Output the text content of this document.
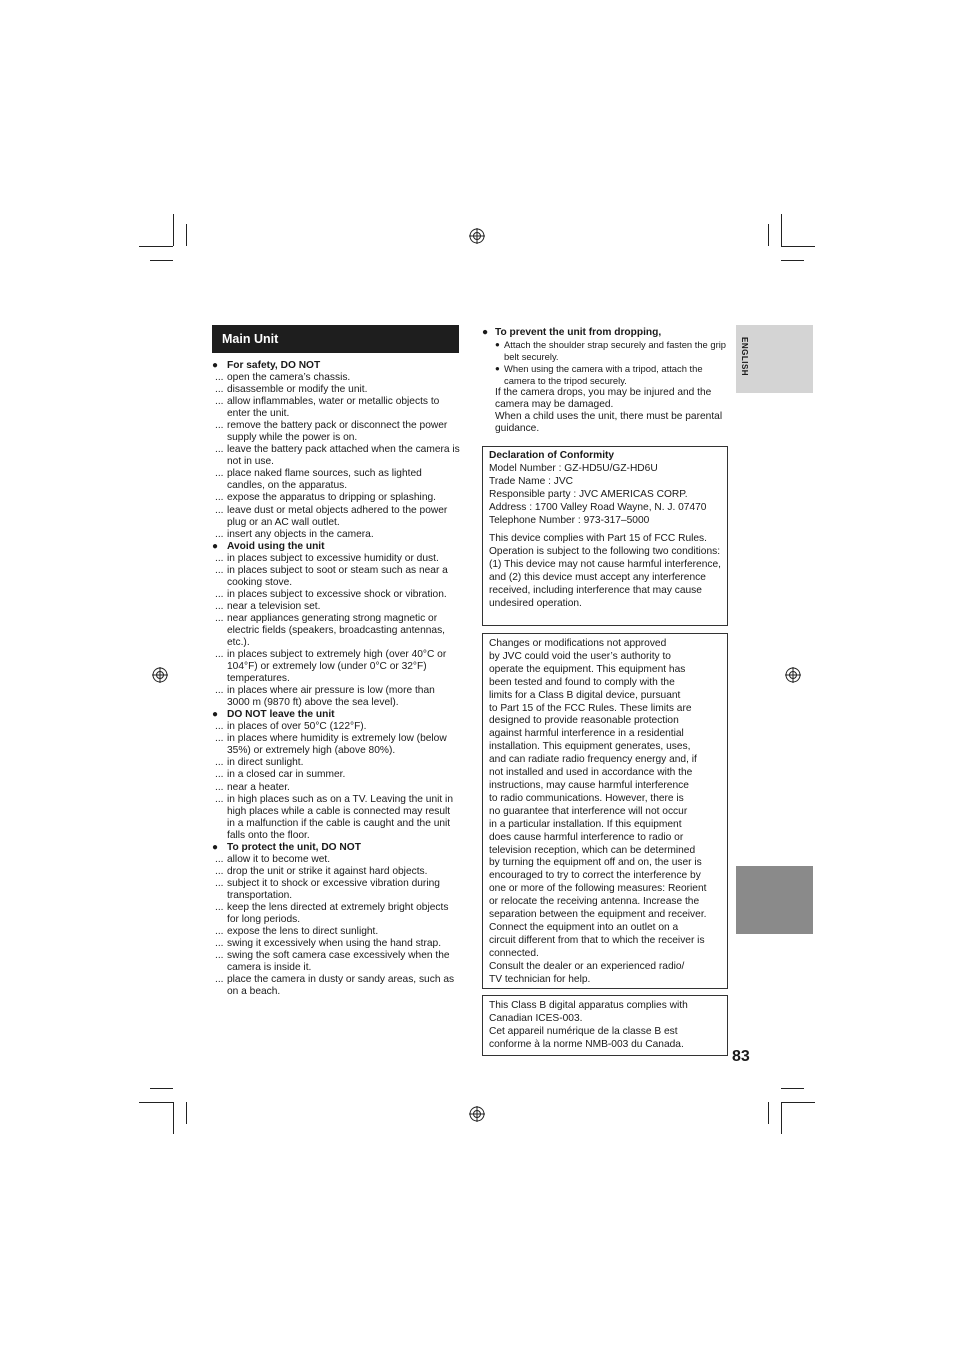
Main Unit
● For safety, DO NOT
... open the camera’s chassis.
... disassemble or modify the unit.
... allow inflammables, water or metallic objects to enter the unit.
... remove the battery pack or disconnect the power supply while the power is on.
... leave the battery pack attached when the camera is not in use.
... place naked flame sources, such as lighted candles, on the apparatus.
... expose the apparatus to dripping or splashing.
... leave dust or metal objects adhered to the power plug or an AC wall outlet.
... insert any objects in the camera.
● Avoid using the unit
... in places subject to excessive humidity or dust.
... in places subject to soot or steam such as near a cooking stove.
... in places subject to excessive shock or vibration.
... near a television set.
... near appliances generating strong magnetic or electric fields (speakers, broadcasting antennas, etc.).
... in places subject to extremely high (over 40°C or 104°F) or extremely low (under 0°C or 32°F) temperatures.
... in places where air pressure is low (more than 3000 m (9870 ft) above the sea level).
● DO NOT leave the unit
... in places of over 50°C (122°F).
... in places where humidity is extremely low (below 35%) or extremely high (above 80%).
... in direct sunlight.
... in a closed car in summer.
... near a heater.
... in high places such as on a TV. Leaving the unit in high places while a cable is connected may result in a malfunction if the cable is caught and the unit falls onto the floor.
● To protect the unit, DO NOT
... allow it to become wet.
... drop the unit or strike it against hard objects.
... subject it to shock or excessive vibration during transportation.
... keep the lens directed at extremely bright objects for long periods.
... expose the lens to direct sunlight.
... swing it excessively when using the hand strap.
... swing the soft camera case excessively when the camera is inside it.
... place the camera in dusty or sandy areas, such as on a beach.
● To prevent the unit from dropping,
● Attach the shoulder strap securely and fasten the grip belt securely.
● When using the camera with a tripod, attach the camera to the tripod securely.
If the camera drops, you may be injured and the camera may be damaged.
When a child uses the unit, there must be parental guidance.

Declaration of Conformity

Model Number : GZ-HD5U/GZ-HD6U

Trade Name : JVC

Responsible party : JVC AMERICAS CORP.

Address : 1700 Valley Road Wayne, N. J. 07470

Telephone Number : 973-317–5000

This device complies with Part 15 of FCC Rules. Operation is subject to the following two conditions: (1) This device may not cause harmful interference, and (2) this device must accept any interference received, including interference that may cause undesired operation.

Changes or modifications not approved

by JVC could void the user’s authority to

operate the equipment. This equipment has

been tested and found to comply with the

limits for a Class B digital device, pursuant

to Part 15 of the FCC Rules. These limits are

designed to provide reasonable protection

against harmful interference in a residential

installation. This equipment generates, uses,

and can radiate radio frequency energy and, if

not installed and used in accordance with the

instructions, may cause harmful interference

to radio communications. However, there is

no guarantee that interference will not occur

in a particular installation. If this equipment

does cause harmful interference to radio or

television reception, which can be determined

by turning the equipment off and on, the user is

encouraged to try to correct the interference by

one or more of the following measures: Reorient

or relocate the receiving antenna. Increase the

separation between the equipment and receiver.

Connect the equipment into an outlet on a

circuit different from that to which the receiver is

connected.

Consult the dealer or an experienced radio/

TV technician for help.

This Class B digital apparatus complies with Canadian ICES-003.

Cet appareil numérique de la classe B est conforme à la norme NMB-003 du Canada.

ENGLISH
83
